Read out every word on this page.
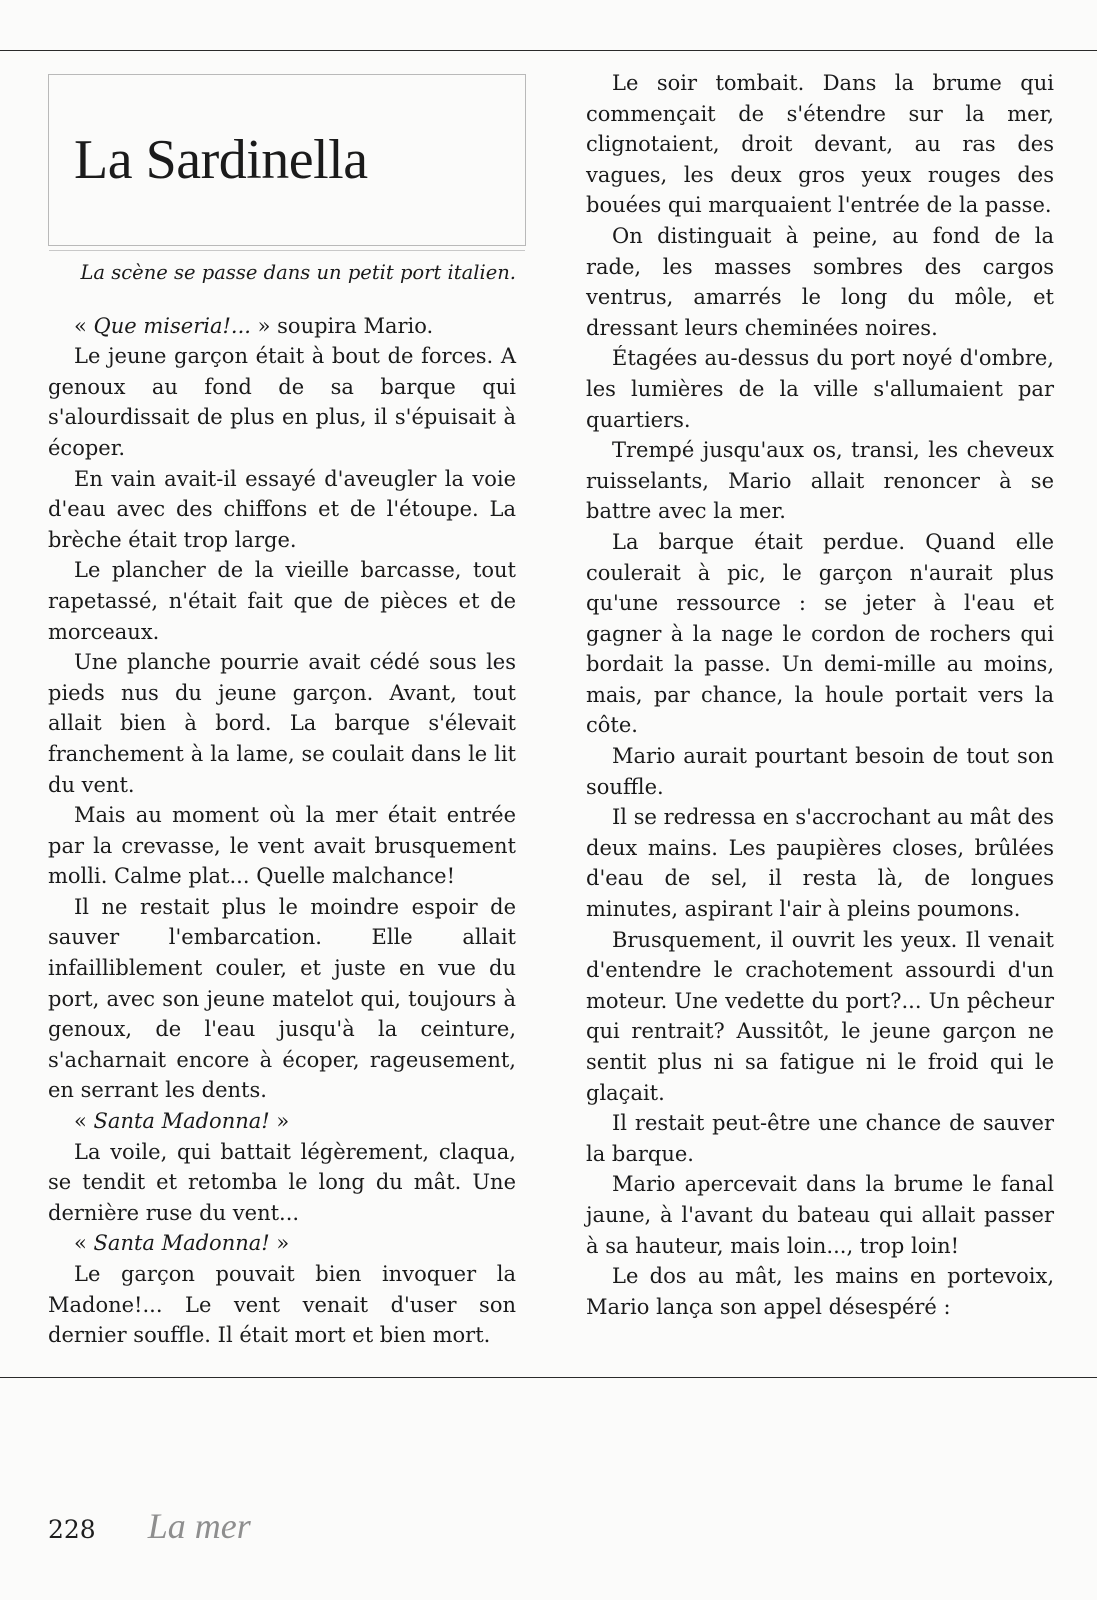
La Sardinella
La scène se passe dans un petit port italien.

« Que miseria!... » soupira Mario.

Le jeune garçon était à bout de forces. A genoux au fond de sa barque qui s'alourdissait de plus en plus, il s'épuisait à écoper.

En vain avait-il essayé d'aveugler la voie d'eau avec des chiffons et de l'étoupe. La brèche était trop large.

Le plancher de la vieille barcasse, tout rapetassé, n'était fait que de pièces et de morceaux.

Une planche pourrie avait cédé sous les pieds nus du jeune garçon. Avant, tout allait bien à bord. La barque s'élevait franchement à la lame, se coulait dans le lit du vent.

Mais au moment où la mer était entrée par la crevasse, le vent avait brusquement molli. Calme plat... Quelle malchance!

Il ne restait plus le moindre espoir de sauver l'embarcation. Elle allait infailliblement couler, et juste en vue du port, avec son jeune matelot qui, toujours à genoux, de l'eau jusqu'à la ceinture, s'acharnait encore à écoper, rageusement, en serrant les dents.

« Santa Madonna! »

La voile, qui battait légèrement, claqua, se tendit et retomba le long du mât. Une dernière ruse du vent...

« Santa Madonna! »

Le garçon pouvait bien invoquer la Madone!... Le vent venait d'user son dernier souffle. Il était mort et bien mort.

Le soir tombait. Dans la brume qui commençait de s'étendre sur la mer, clignotaient, droit devant, au ras des vagues, les deux gros yeux rouges des bouées qui marquaient l'entrée de la passe.

On distinguait à peine, au fond de la rade, les masses sombres des cargos ventrus, amarrés le long du môle, et dressant leurs cheminées noires.

Étagées au-dessus du port noyé d'ombre, les lumières de la ville s'allumaient par quartiers.

Trempé jusqu'aux os, transi, les cheveux ruisselants, Mario allait renoncer à se battre avec la mer.

La barque était perdue. Quand elle coulerait à pic, le garçon n'aurait plus qu'une ressource : se jeter à l'eau et gagner à la nage le cordon de rochers qui bordait la passe. Un demi-mille au moins, mais, par chance, la houle portait vers la côte.

Mario aurait pourtant besoin de tout son souffle.

Il se redressa en s'accrochant au mât des deux mains. Les paupières closes, brûlées d'eau de sel, il resta là, de longues minutes, aspirant l'air à pleins poumons.

Brusquement, il ouvrit les yeux. Il venait d'entendre le crachotement assourdi d'un moteur. Une vedette du port?... Un pêcheur qui rentrait? Aussitôt, le jeune garçon ne sentit plus ni sa fatigue ni le froid qui le glaçait.

Il restait peut-être une chance de sauver la barque.

Mario apercevait dans la brume le fanal jaune, à l'avant du bateau qui allait passer à sa hauteur, mais loin..., trop loin!

Le dos au mât, les mains en portevoix, Mario lança son appel désespéré :

228 La mer
